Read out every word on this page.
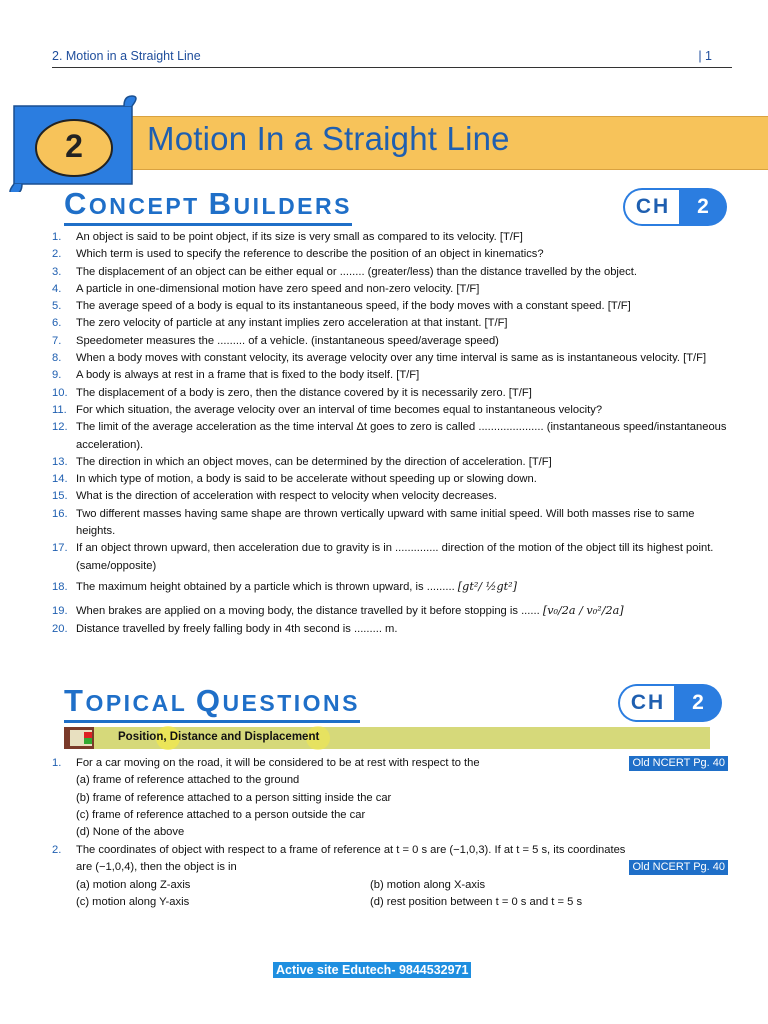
2. Motion in a Straight Line	| 1
2	Motion In a Straight Line
CONCEPT BUILDERS	CH	2
1 . An object is said to be point object, if its size is very small as compared to its velocity. [T/F]
2 . Which term is used to specify the reference to describe the position of an object in kinematics?
3 . The displacement of an object can be either equal or ........ (greater/less) than the distance travelled by the object.
4 . A particle in one-dimensional motion have zero speed and non-zero velocity. [T/F]
5 . The average speed of a body is equal to its instantaneous speed, if the body moves with a constant speed. [T/F]
6 . The zero velocity of particle at any instant implies zero acceleration at that instant. [T/F]
7 . Speedometer measures the ......... of a vehicle. (instantaneous speed/average speed)
8 . When a body moves with constant velocity, its average velocity over any time interval is same as is instantaneous velocity. [T/F]
9 . A body is always at rest in a frame that is fixed to the body itself. [T/F]
10 . The displacement of a body is zero, then the distance covered by it is necessarily zero. [T/F]
11 . For which situation, the average velocity over an interval of time becomes equal to instantaneous velocity?
12 . The limit of the average acceleration as the time interval Δt goes to zero is called ..................... (instantaneous speed/instantaneous acceleration).
13 . The direction in which an object moves, can be determined by the direction of acceleration. [T/F]
14 . In which type of motion, a body is said to be accelerate without speeding up or slowing down.
15 . What is the direction of acceleration with respect to velocity when velocity decreases.
16 . Two different masses having same shape are thrown vertically upward with same initial speed. Will both masses rise to same heights.
17 . If an object thrown upward, then acceleration due to gravity is in .............. direction of the motion of the object till its highest point. (same/opposite)
18 . The maximum height obtained by a particle which is thrown upward, is ......... [gt²/ ½gt²]
19 . When brakes are applied on a moving body, the distance travelled by it before stopping is ...... [v₀/2a / v₀²/2a]
20 . Distance travelled by freely falling body in 4th second is ......... m.
TOPICAL QUESTIONS	CH	2
Position, Distance and Displacement
1 . For a car moving on the road, it will be considered to be at rest with respect to the	Old NCERT Pg. 40
(a) frame of reference attached to the ground
(b) frame of reference attached to a person sitting inside the car
(c) frame of reference attached to a person outside the car
(d) None of the above
2 . The coordinates of object with respect to a frame of reference at t = 0 s are (−1,0,3). If at t = 5 s, its coordinates
are (−1,0,4), then the object is in	Old NCERT Pg. 40
(a) motion along Z-axis	(b) motion along X-axis
(c) motion along Y-axis	(d) rest position between t = 0 s and t = 5 s
Active site Edutech- 9844532971
